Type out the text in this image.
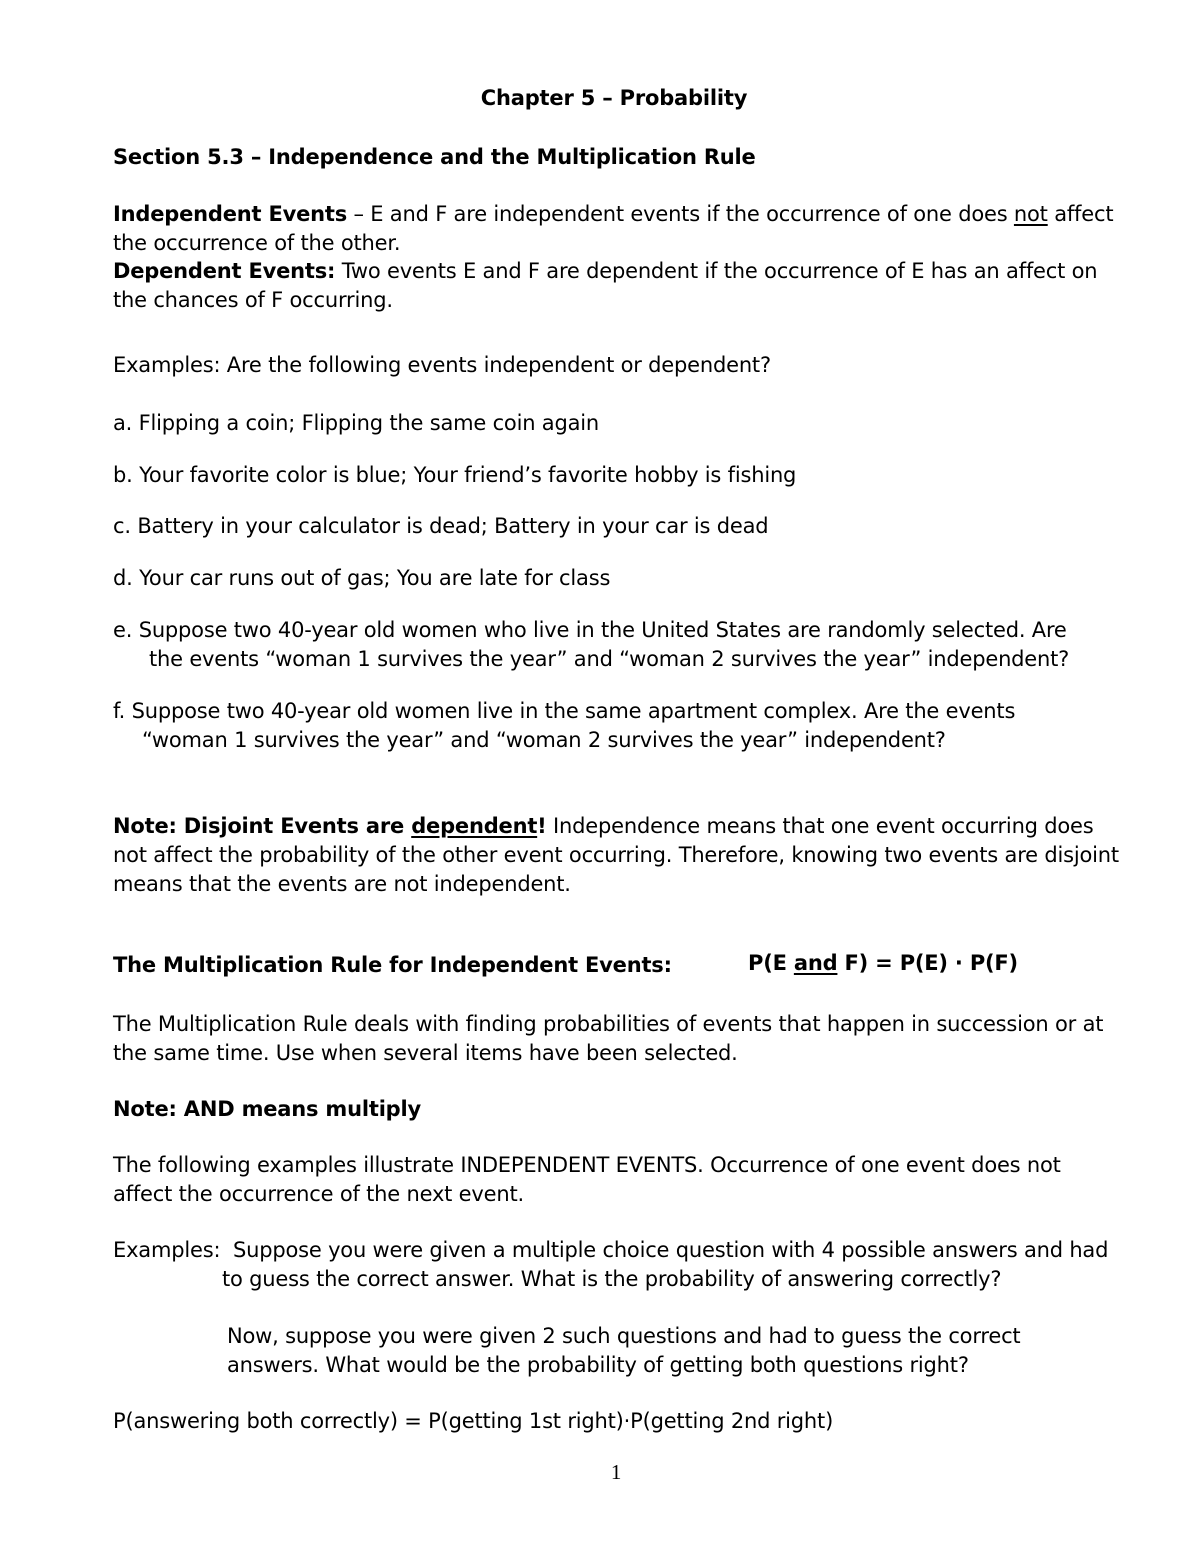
Chapter 5 – Probability
Section 5.3 – Independence and the Multiplication Rule

Independent Events – E and F are independent events if the occurrence of one does not affect the occurrence of the other.

Dependent Events: Two events E and F are dependent if the occurrence of E has an affect on the chances of F occurring.

Examples: Are the following events independent or dependent?
a. Flipping a coin; Flipping the same coin again
b. Your favorite color is blue; Your friend’s favorite hobby is fishing
c. Battery in your calculator is dead; Battery in your car is dead
d. Your car runs out of gas; You are late for class
e. Suppose two 40-year old women who live in the United States are randomly selected. Are
the events “woman 1 survives the year” and “woman 2 survives the year” independent?
f. Suppose two 40-year old women live in the same apartment complex. Are the events
“woman 1 survives the year” and “woman 2 survives the year” independent?

Note: Disjoint Events are dependent! Independence means that one event occurring does not affect the probability of the other event occurring. Therefore, knowing two events are disjoint means that the events are not independent.

The Multiplication Rule for Independent Events:	P(E and F) = P(E) · P(F)

The Multiplication Rule deals with finding probabilities of events that happen in succession or at the same time. Use when several items have been selected.

Note: AND means multiply

The following examples illustrate INDEPENDENT EVENTS. Occurrence of one event does not affect the occurrence of the next event.

Examples: Suppose you were given a multiple choice question with 4 possible answers and had
to guess the correct answer. What is the probability of answering correctly?
Now, suppose you were given 2 such questions and had to guess the correct
answers. What would be the probability of getting both questions right?
P(answering both correctly) = P(getting 1st right)·P(getting 2nd right)
1
